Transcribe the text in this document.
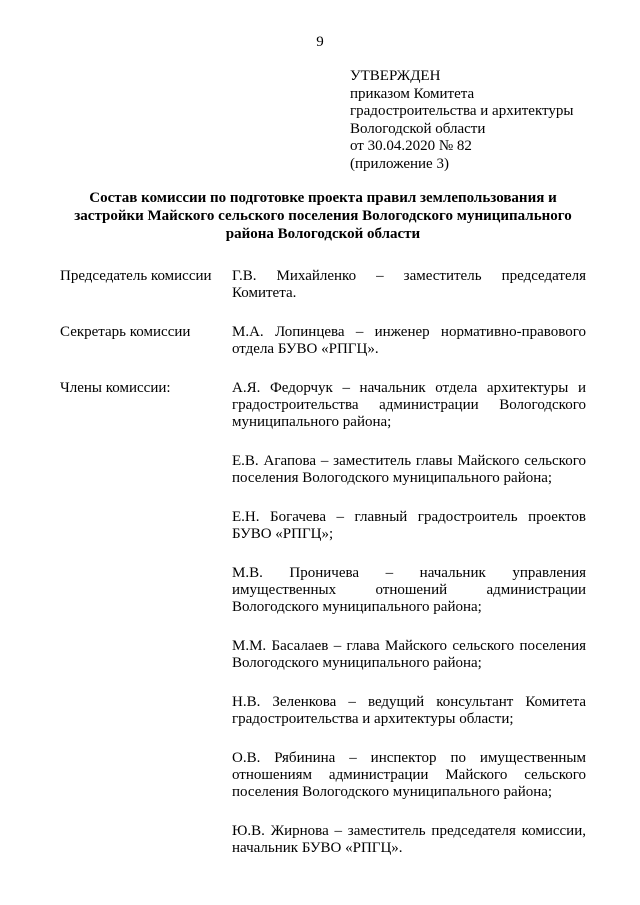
9
УТВЕРЖДЕН
приказом Комитета
градостроительства и архитектуры
Вологодской области
от 30.04.2020 № 82
(приложение 3)
Состав комиссии по подготовке проекта правил землепользования и застройки Майского сельского поселения Вологодского муниципального района Вологодской области
Председатель комиссии	Г.В. Михайленко – заместитель председателя Комитета.

Секретарь комиссии	М.А. Лопинцева – инженер нормативно-правового отдела БУВО «РПГЦ».

Члены комиссии:	А.Я. Федорчук – начальник отдела архитектуры и градостроительства администрации Вологодского муниципального района;

Е.В. Агапова – заместитель главы Майского сельского поселения Вологодского муниципального района;

Е.Н. Богачева – главный градостроитель проектов БУВО «РПГЦ»;

М.В. Проничева – начальник управления имущественных отношений администрации Вологодского муниципального района;

М.М. Басалаев – глава Майского сельского поселения Вологодского муниципального района;

Н.В. Зеленкова – ведущий консультант Комитета градостроительства и архитектуры области;

О.В. Рябинина – инспектор по имущественным отношениям администрации Майского сельского поселения Вологодского муниципального района;

Ю.В. Жирнова – заместитель председателя комиссии, начальник БУВО «РПГЦ».
